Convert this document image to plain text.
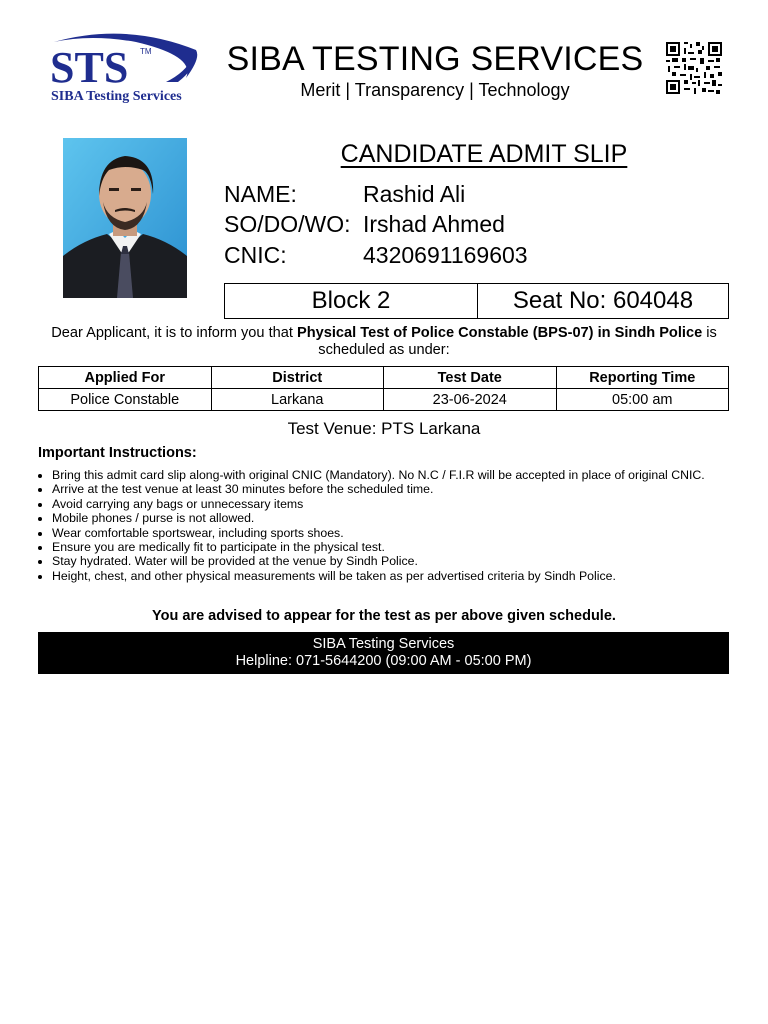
STS TM
SIBA Testing Services
SIBA TESTING SERVICES
Merit | Transparency | Technology
CANDIDATE ADMIT SLIP
NAME:	Rashid Ali
SO/DO/WO: Irshad Ahmed
CNIC:	4320691169603
Block 2	Seat No: 604048
Dear Applicant, it is to inform you that Physical Test of Police Constable (BPS-07) in Sindh Police is scheduled as under:
Applied For	District	Test Date	Reporting Time
Police Constable	Larkana	23-06-2024	05:00 am
Test Venue: PTS Larkana
Important Instructions:
• Bring this admit card slip along-with original CNIC (Mandatory). No N.C / F.I.R will be accepted in place of original CNIC.
• Arrive at the test venue at least 30 minutes before the scheduled time.
• Avoid carrying any bags or unnecessary items
• Mobile phones / purse is not allowed.
• Wear comfortable sportswear, including sports shoes.
• Ensure you are medically fit to participate in the physical test.
• Stay hydrated. Water will be provided at the venue by Sindh Police.
• Height, chest, and other physical measurements will be taken as per advertised criteria by Sindh Police.
You are advised to appear for the test as per above given schedule.
SIBA Testing Services
Helpline: 071-5644200 (09:00 AM - 05:00 PM)
